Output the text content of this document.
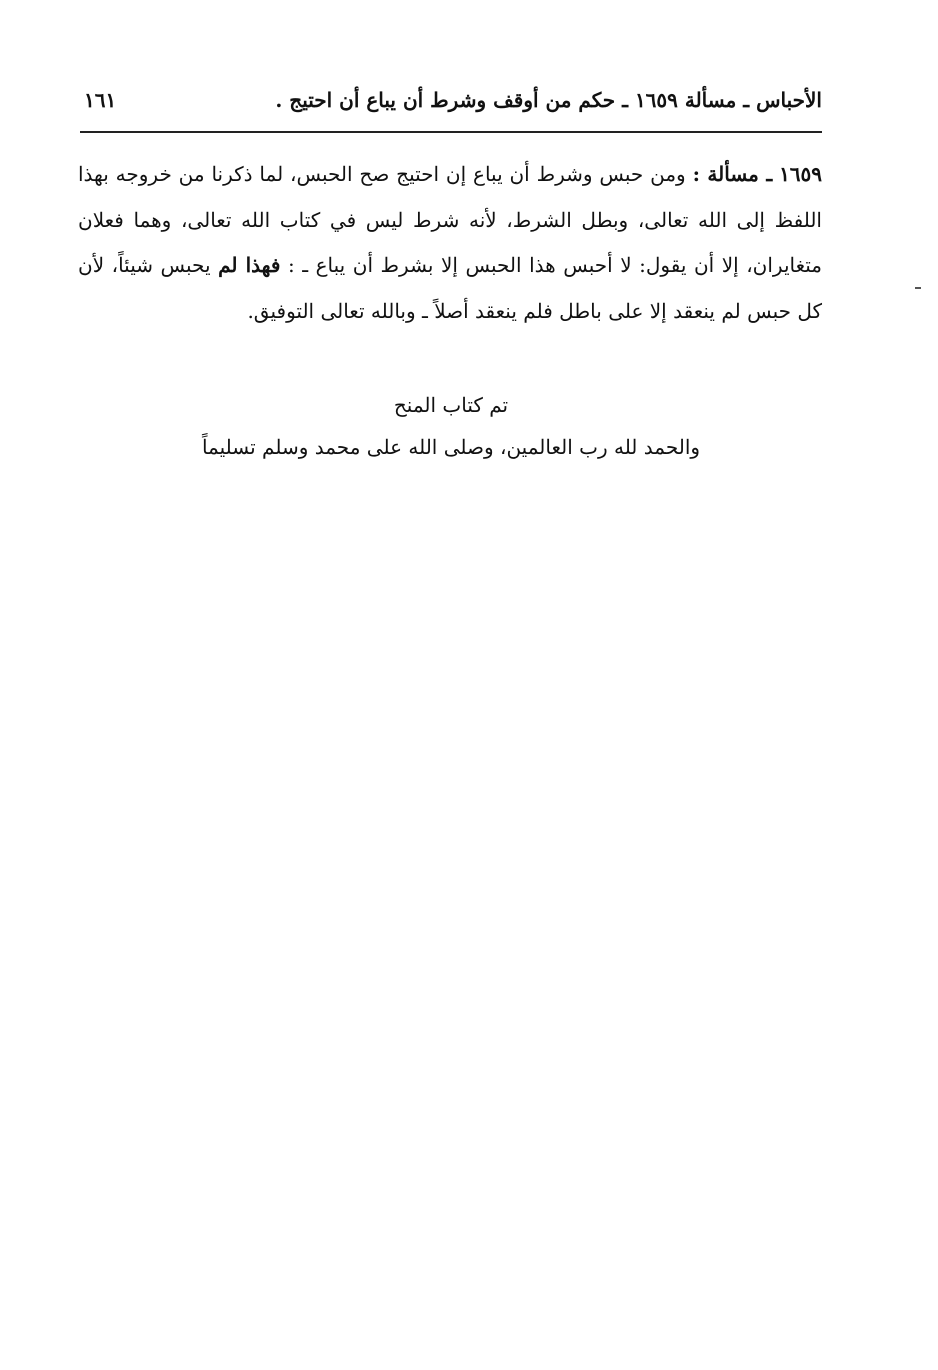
الأحباس ـ مسألة ١٦٥٩ ـ حكم من أوقف وشرط أن يباع أن احتيج .
١٦١
١٦٥٩ ـ مسألة : ومن حبس وشرط أن يباع إن احتيج صح الحبس، لما ذكرنا من خروجه بهذا اللفظ إلى الله تعالى، وبطل الشرط، لأنه شرط ليس في كتاب الله تعالى، وهما فعلان متغايران، إلا أن يقول: لا أحبس هذا الحبس إلا بشرط أن يباع ـ : فهذا لم يحبس شيئاً، لأن كل حبس لم ينعقد إلا على باطل فلم ينعقد أصلاً ـ وبالله تعالى التوفيق.
تم كتاب المنح
والحمد لله رب العالمين، وصلى الله على محمد وسلم تسليماً
